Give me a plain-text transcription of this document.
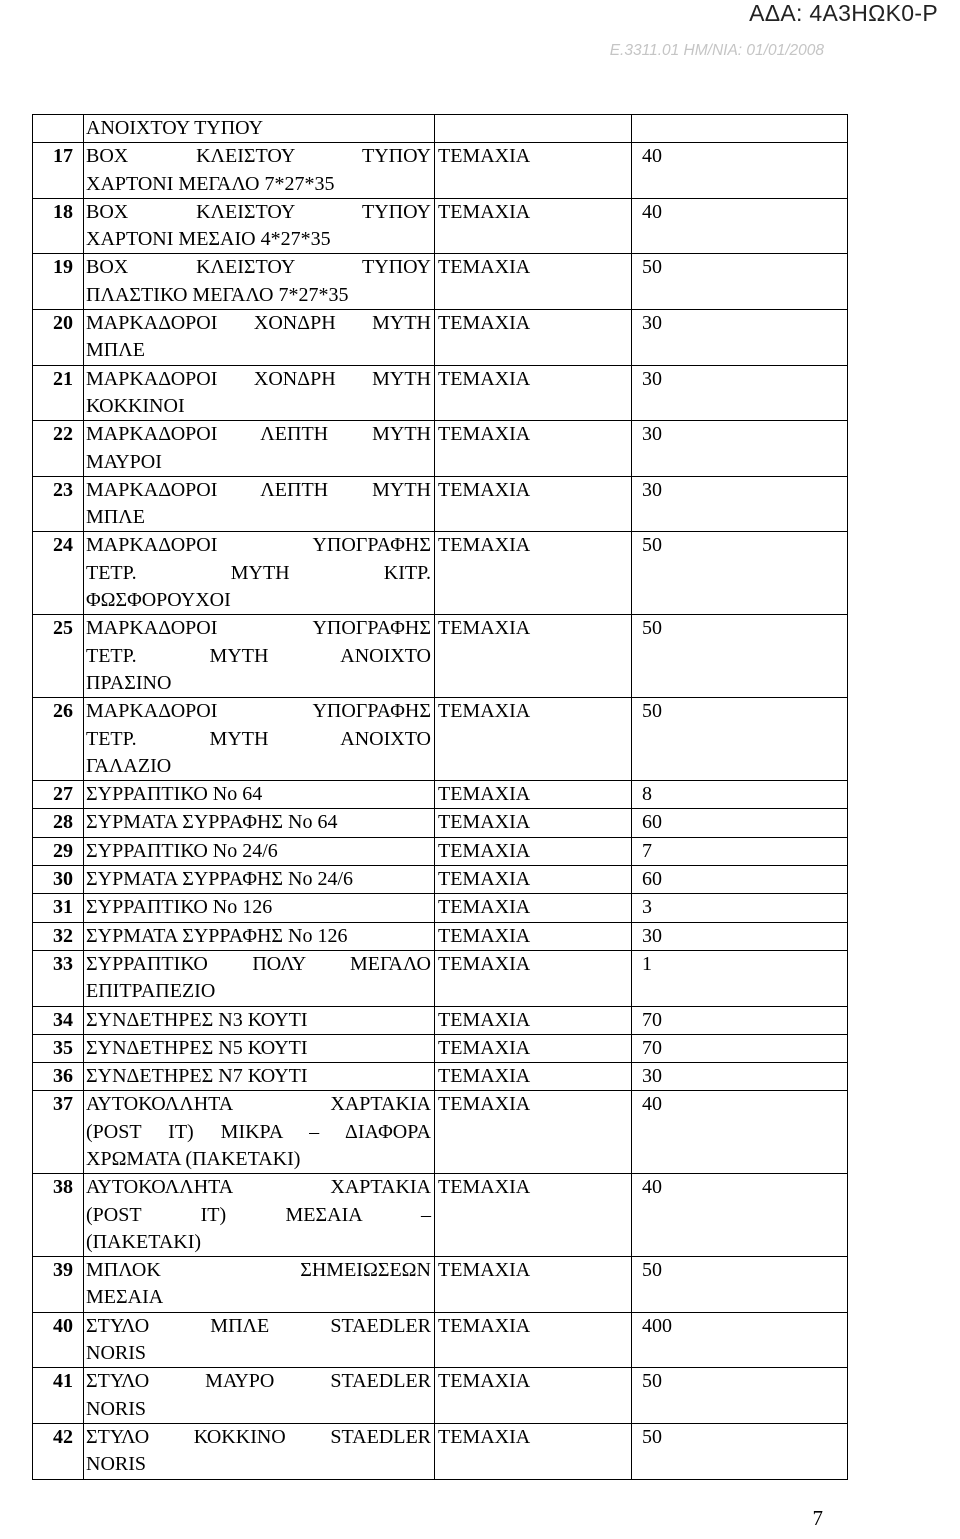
ΑΔΑ: 4Α3ΗΩΚ0-Ρ
Ε.3311.01 ΗΜ/ΝΙΑ: 01/01/2008

	ΑΝΟΙΧΤΟΥ ΤΥΠΟΥ		

17	BOX ΚΛΕΙΣΤΟΥ ΤΥΠΟΥ
ΧΑΡΤΟΝΙ ΜΕΓΑΛΟ 7*27*35	ΤΕΜΑΧΙΑ	40

18	BOX ΚΛΕΙΣΤΟΥ ΤΥΠΟΥ
ΧΑΡΤΟΝΙ ΜΕΣΑΙΟ 4*27*35	ΤΕΜΑΧΙΑ	40

19	BOX ΚΛΕΙΣΤΟΥ ΤΥΠΟΥ
ΠΛΑΣΤΙΚΟ ΜΕΓΑΛΟ 7*27*35	ΤΕΜΑΧΙΑ	50

20	ΜΑΡΚΑΔΟΡΟΙ ΧΟΝΔΡΗ ΜΥΤΗ
ΜΠΛΕ	ΤΕΜΑΧΙΑ	30

21	ΜΑΡΚΑΔΟΡΟΙ ΧΟΝΔΡΗ ΜΥΤΗ
ΚΟΚΚΙΝΟΙ	ΤΕΜΑΧΙΑ	30

22	ΜΑΡΚΑΔΟΡΟΙ ΛΕΠΤΗ ΜΥΤΗ
ΜΑΥΡΟΙ	ΤΕΜΑΧΙΑ	30

23	ΜΑΡΚΑΔΟΡΟΙ ΛΕΠΤΗ ΜΥΤΗ
ΜΠΛΕ	ΤΕΜΑΧΙΑ	30

24	ΜΑΡΚΑΔΟΡΟΙ ΥΠΟΓΡΑΦΗΣ
ΤΕΤΡ. ΜΥΤΗ ΚΙΤΡ.
ΦΩΣΦΟΡΟΥΧΟΙ	ΤΕΜΑΧΙΑ	50

25	ΜΑΡΚΑΔΟΡΟΙ ΥΠΟΓΡΑΦΗΣ
ΤΕΤΡ. ΜΥΤΗ ΑΝΟΙΧΤΟ
ΠΡΑΣΙΝΟ	ΤΕΜΑΧΙΑ	50

26	ΜΑΡΚΑΔΟΡΟΙ ΥΠΟΓΡΑΦΗΣ
ΤΕΤΡ. ΜΥΤΗ ΑΝΟΙΧΤΟ
ΓΑΛΑΖΙΟ	ΤΕΜΑΧΙΑ	50

27	ΣΥΡΡΑΠΤΙΚΟ Νο 64	ΤΕΜΑΧΙΑ	8

28	ΣΥΡΜΑΤΑ ΣΥΡΡΑΦΗΣ Νο 64	ΤΕΜΑΧΙΑ	60

29	ΣΥΡΡΑΠΤΙΚΟ Νο 24/6	ΤΕΜΑΧΙΑ	7

30	ΣΥΡΜΑΤΑ ΣΥΡΡΑΦΗΣ Νο 24/6	ΤΕΜΑΧΙΑ	60

31	ΣΥΡΡΑΠΤΙΚΟ Νο 126	ΤΕΜΑΧΙΑ	3

32	ΣΥΡΜΑΤΑ ΣΥΡΡΑΦΗΣ Νο 126	ΤΕΜΑΧΙΑ	30

33	ΣΥΡΡΑΠΤΙΚΟ ΠΟΛΥ ΜΕΓΑΛΟ
ΕΠΙΤΡΑΠΕΖΙΟ	ΤΕΜΑΧΙΑ	1

34	ΣΥΝΔΕΤΗΡΕΣ Ν3 ΚΟΥΤΙ	ΤΕΜΑΧΙΑ	70

35	ΣΥΝΔΕΤΗΡΕΣ Ν5 ΚΟΥΤΙ	ΤΕΜΑΧΙΑ	70

36	ΣΥΝΔΕΤΗΡΕΣ Ν7 ΚΟΥΤΙ	ΤΕΜΑΧΙΑ	30

37	ΑΥΤΟΚΟΛΛΗΤΑ ΧΑΡΤΑΚΙΑ
(POST IT) ΜΙΚΡΑ – ΔΙΑΦΟΡΑ
ΧΡΩΜΑΤΑ (ΠΑΚΕΤΑΚΙ)	ΤΕΜΑΧΙΑ	40

38	ΑΥΤΟΚΟΛΛΗΤΑ ΧΑΡΤΑΚΙΑ
(POST IT) ΜΕΣΑΙΑ –
(ΠΑΚΕΤΑΚΙ)	ΤΕΜΑΧΙΑ	40

39	ΜΠΛΟΚ ΣΗΜΕΙΩΣΕΩΝ
ΜΕΣΑΙΑ	ΤΕΜΑΧΙΑ	50

40	ΣΤΥΛΟ ΜΠΛΕ STAEDLER
NORIS	ΤΕΜΑΧΙΑ	400

41	ΣΤΥΛΟ ΜΑΥΡΟ STAEDLER
NORIS	ΤΕΜΑΧΙΑ	50

42	ΣΤΥΛΟ ΚΟΚΚΙΝΟ STAEDLER
NORIS	ΤΕΜΑΧΙΑ	50
7
